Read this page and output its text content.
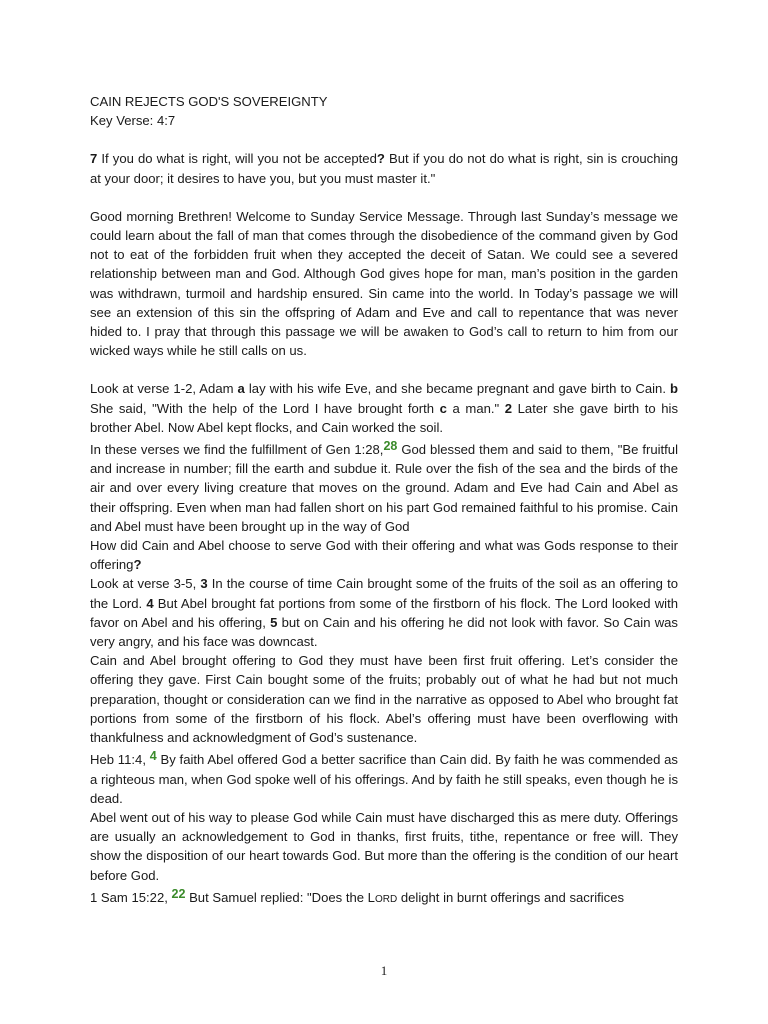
CAIN REJECTS GOD'S SOVEREIGNTY

Key Verse: 4:7

7 If you do what is right, will you not be accepted? But if you do not do what is right, sin is crouching at your door; it desires to have you, but you must master it."

Good morning Brethren! Welcome to Sunday Service Message. Through last Sunday’s message we could learn about the fall of man that comes through the disobedience of the command given by God not to eat of the forbidden fruit when they accepted the deceit of Satan. We could see a severed relationship between man and God. Although God gives hope for man, man’s position in the garden was withdrawn, turmoil and hardship ensured. Sin came into the world. In Today’s passage we will see an extension of this sin the offspring of Adam and Eve and call to repentance that was never hided to. I pray that through this passage we will be awaken to God’s call to return to him from our wicked ways while he still calls on us.

Look at verse 1-2, Adam a lay with his wife Eve, and she became pregnant and gave birth to Cain. b She said, "With the help of the Lord I have brought forth c a man." 2 Later she gave birth to his brother Abel. Now Abel kept flocks, and Cain worked the soil.

In these verses we find the fulfillment of Gen 1:28,28 God blessed them and said to them, "Be fruitful and increase in number; fill the earth and subdue it. Rule over the fish of the sea and the birds of the air and over every living creature that moves on the ground. Adam and Eve had Cain and Abel as their offspring. Even when man had fallen short on his part God remained faithful to his promise. Cain and Abel must have been brought up in the way of God

How did Cain and Abel choose to serve God with their offering and what was Gods response to their offering?

Look at verse 3-5, 3 In the course of time Cain brought some of the fruits of the soil as an offering to the Lord. 4 But Abel brought fat portions from some of the firstborn of his flock. The Lord looked with favor on Abel and his offering, 5 but on Cain and his offering he did not look with favor. So Cain was very angry, and his face was downcast.

Cain and Abel brought offering to God they must have been first fruit offering. Let’s consider the offering they gave. First Cain bought some of the fruits; probably out of what he had but not much preparation, thought or consideration can we find in the narrative as opposed to Abel who brought fat portions from some of the firstborn of his flock. Abel’s offering must have been overflowing with thankfulness and acknowledgment of God’s sustenance.

Heb 11:4, 4 By faith Abel offered God a better sacrifice than Cain did. By faith he was commended as a righteous man, when God spoke well of his offerings. And by faith he still speaks, even though he is dead.

Abel went out of his way to please God while Cain must have discharged this as mere duty. Offerings are usually an acknowledgement to God in thanks, first fruits, tithe, repentance or free will. They show the disposition of our heart towards God. But more than the offering is the condition of our heart before God.

1 Sam 15:22, 22 But Samuel replied: "Does the LORD delight in burnt offerings and sacrifices

1
